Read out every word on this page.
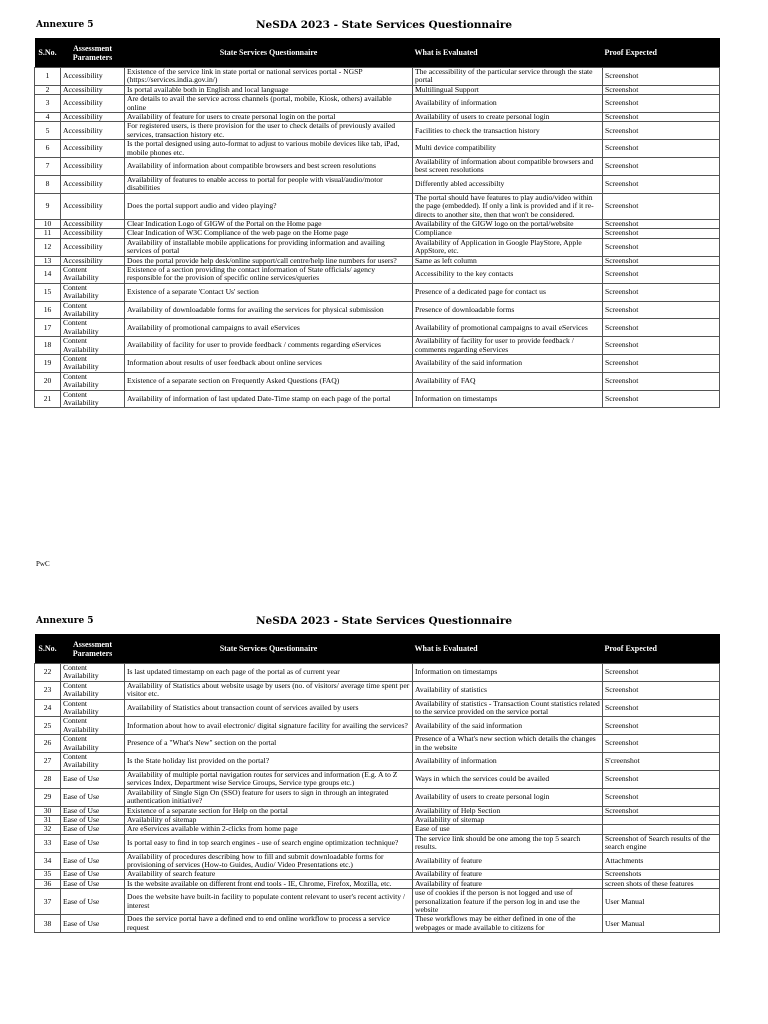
Annexure 5	NeSDA 2023 - State Services Questionnaire
S.No.	Assessment Parameters	State Services Questionnaire	What is Evaluated	Proof Expected
1	Accessibility	Existence of the service link in state portal or national services portal - NGSP (https://services.india.gov.in/)	The accessibility of the particular service through the state portal	Screenshot
2	Accessibility	Is portal available both in English and local language	Multilingual Support	Screenshot
3	Accessibility	Are details to avail the service across channels (portal, mobile, Kiosk, others) available online	Availability of information	Screenshot
4	Accessibility	Availability of feature for users to create personal login on the portal	Availability of users to create personal login	Screenshot
5	Accessibility	For registered users, is there provision for the user to check details of previously availed services, transaction history etc.	Facilities to check the transaction history	Screenshot
6	Accessibility	Is the portal designed using auto-format to adjust to various mobile devices like tab, iPad, mobile phones etc.	Multi device compatibility	Screenshot
7	Accessibility	Availability of information about compatible browsers and best screen resolutions	Availability of information about compatible browsers and best screen resolutions	Screenshot
8	Accessibility	Availability of features to enable access to portal for people with visual/audio/motor disabilities	Differently abled accessibilty	Screenshot
9	Accessibility	Does the portal support audio and video playing?	The portal should have features to play audio/video within the page (embedded). If only a link is provided and if it re-directs to another site, then that won't be considered.	Screenshot
10	Accessibility	Clear Indication Logo of GIGW of the Portal on the Home page	Availability of the GIGW logo on the portal/website	Screenshot
11	Accessibility	Clear Indication of W3C Compliance of the web page on the Home page	Compliance	Screenshot
12	Accessibility	Availability of installable mobile applications for providing information and availing services of portal	Availability of Application in Google PlayStore, Apple AppStore, etc.	Screenshot
13	Accessibility	Does the portal provide help desk/online support/call centre/help line numbers for users?	Same as left column	Screenshot
14	Content Availability	Existence of a section providing the contact information of State officials/ agency responsible for the provision of specific online services/queries	Accessibility to the key contacts	Screenshot
15	Content Availability	Existence of a separate 'Contact Us' section	Presence of a dedicated page for contact us	Screenshot
16	Content Availability	Availability of downloadable forms for availing the services for physical submission	Presence of downloadable forms	Screenshot
17	Content Availability	Availability of promotional campaigns to avail eServices	Availability of promotional campaigns to avail eServices	Screenshot
18	Content Availability	Availability of facility for user to provide feedback / comments regarding eServices	Availability of facility for user to provide feedback / comments regarding eServices	Screenshot
19	Content Availability	Information about results of user feedback about online services	Availability of the said information	Screenshot
20	Content Availability	Existence of a separate section on Frequently Asked Questions (FAQ)	Availability of FAQ	Screenshot
21	Content Availability	Availability of information of last updated Date-Time stamp on each page of the portal	Information on timestamps	Screenshot
PwC
Annexure 5	NeSDA 2023 - State Services Questionnaire
S.No.	Assessment Parameters	State Services Questionnaire	What is Evaluated	Proof Expected
22	Content Availability	Is last updated timestamp on each page of the portal as of current year	Information on timestamps	Screenshot
23	Content Availability	Availability of Statistics about website usage by users (no. of visitors/ average time spent per visitor etc.	Availability of statistics	Screenshot
24	Content Availability	Availability of Statistics about transaction count of services availed by users	Availability of statistics - Transaction Count statistics related to the service provided on the service portal	Screenshot
25	Content Availability	Information about how to avail electronic/ digital signature facility for availing the services?	Availability of the said information	Screenshot
26	Content Availability	Presence of a "What's New" section on the portal	Presence of a What's new section which details the changes in the website	Screenshot
27	Content Availability	Is the State holiday list provided on the portal?	Availability of information	S'creenshot
28	Ease of Use	Availability of multiple portal navigation routes for services and information (E.g. A to Z services Index, Department wise Service Groups, Service type groups etc.)	Ways in which the services could be availed	Screenshot
29	Ease of Use	Availability of Single Sign On (SSO) feature for users to sign in through an integrated authentication initiative?	Availability of users to create personal login	Screenshot
30	Ease of Use	Existence of a separate section for Help on the portal	Availability of Help Section	Screenshot
31	Ease of Use	Availability of sitemap	Availability of sitemap	
32	Ease of Use	Are eServices available within 2-clicks from home page	Ease of use	
33	Ease of Use	Is portal easy to find in top search engines - use of search engine optimization technique?	The service link should be one among the top 5 search results.	Screenshot of Search results of the search engine
34	Ease of Use	Availability of procedures describing how to fill and submit downloadable forms for provisioning of services (How-to Guides, Audio/ Video Presentations etc.)	Availability of feature	Attachments
35	Ease of Use	Availability of search feature	Availability of feature	Screenshots
36	Ease of Use	Is the website available on different front end tools - IE, Chrome, Firefox, Mozilla, etc.	Availability of feature	screen shots of these features
37	Ease of Use	Does the website have built-in facility to populate content relevant to user's recent activity / interest	use of cookies if the person is not logged and use of personalization feature if the person log in and use the website	User Manual
38	Ease of Use	Does the service portal have a defined end to end online workflow to process a service request	These workflows may be either defined in one of the webpages or made available to citizens for	User Manual
